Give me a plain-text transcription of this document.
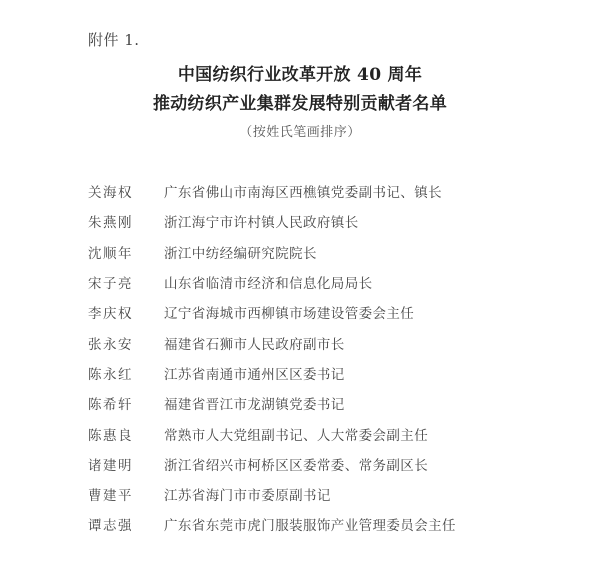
附件 1.
中国纺织行业改革开放 40 周年
推动纺织产业集群发展特别贡献者名单
（按姓氏笔画排序）
关海权	广东省佛山市南海区西樵镇党委副书记、镇长
朱燕刚	浙江海宁市许村镇人民政府镇长
沈顺年	浙江中纺经编研究院院长
宋子亮	山东省临清市经济和信息化局局长
李庆权	辽宁省海城市西柳镇市场建设管委会主任
张永安	福建省石狮市人民政府副市长
陈永红	江苏省南通市通州区区委书记
陈希轩	福建省晋江市龙湖镇党委书记
陈惠良	常熟市人大党组副书记、人大常委会副主任
诸建明	浙江省绍兴市柯桥区区委常委、常务副区长
曹建平	江苏省海门市市委原副书记
谭志强	广东省东莞市虎门服装服饰产业管理委员会主任
